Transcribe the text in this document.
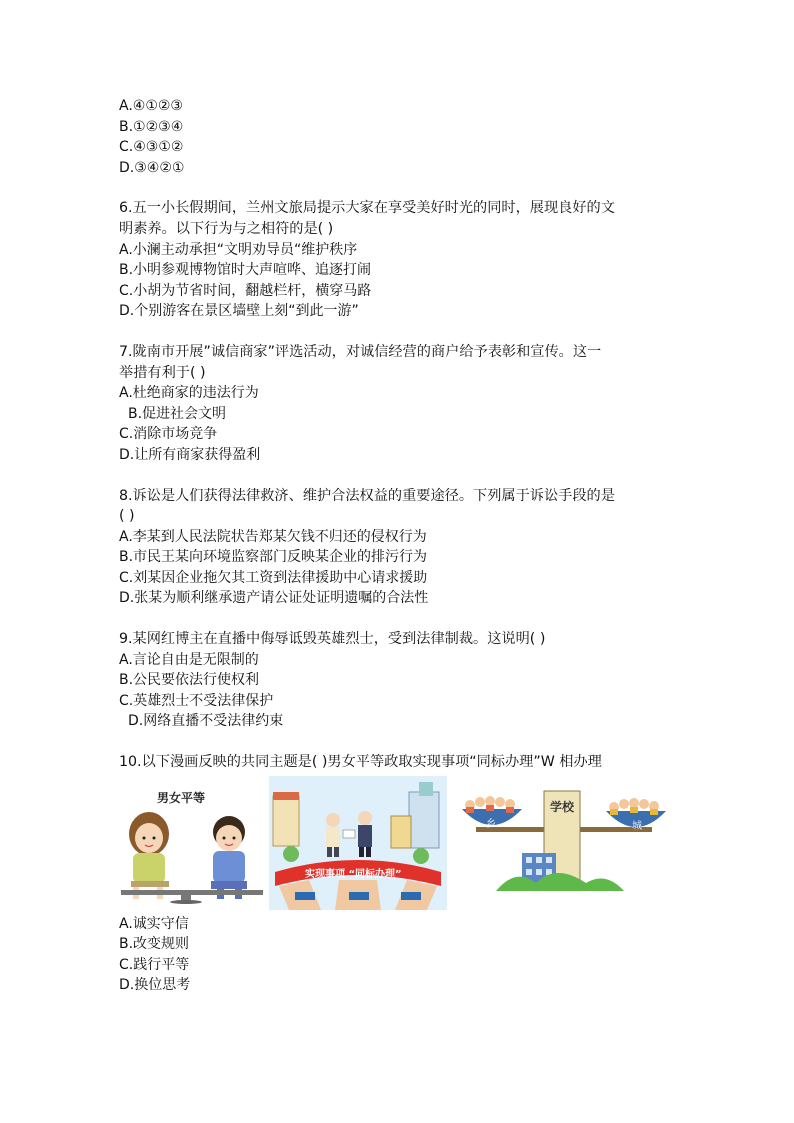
A.④①②③
B.①②③④
C.④③①②
D.③④②①
6.五一小长假期间，兰州文旅局提示大家在享受美好时光的同时，展现良好的文
明素养。以下行为与之相符的是( )
A.小澜主动承担“文明劝导员“维护秩序
B.小明参观博物馆时大声喧哗、追逐打闹
C.小胡为节省时间，翻越栏杆，横穿马路
D.个别游客在景区墙壁上刻“到此一游”
7.陇南市开展”诚信商家”评选活动，对诚信经营的商户给予表彰和宣传。这一
举措有利于( )
A.杜绝商家的违法行为
B.促进社会文明
C.消除市场竞争
D.让所有商家获得盈利
8.诉讼是人们获得法律救济、维护合法权益的重要途径。下列属于诉讼手段的是
( )
A.李某到人民法院状告郑某欠钱不归还的侵权行为
B.市民王某向环境监察部门反映某企业的排污行为
C.刘某因企业拖欠其工资到法律援助中心请求援助
D.张某为顺利继承遗产请公证处证明遗嘱的合法性
9.某网红博主在直播中侮辱诋毁英雄烈士，受到法律制裁。这说明( )
A.言论自由是无限制的
B.公民要依法行使权利
C.英雄烈士不受法律保护
D.网络直播不受法律约束
10.以下漫画反映的共同主题是( )男女平等政取实现事项“同标办理”W 相办理
男女平等
实现事项 “同标办理”
乡	城
学校
A.诚实守信
B.改变规则
C.践行平等
D.换位思考
